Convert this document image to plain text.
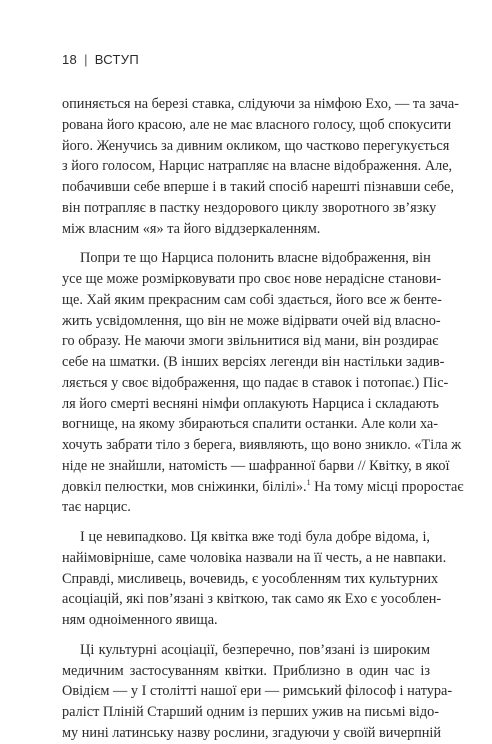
18 | ВСТУП
опиняється на березі ставка, слідуючи за німфою Ехо, — та зача-
рована його красою, але не має власного голосу, щоб спокусити
його. Женучись за дивним окликом, що частково перегукується
з його голосом, Нарцис натрапляє на власне відображення. Але,
побачивши себе вперше і в такий спосіб нарешті пізнавши себе,
він потрапляє в пастку нездорового циклу зворотного зв’язку
між власним «я» та його віддзеркаленням.
Попри те що Нарциса полонить власне відображення, він
усе ще може розмірковувати про своє нове нерадісне станови-
ще. Хай яким прекрасним сам собі здається, його все ж бенте-
жить усвідомлення, що він не може відірвати очей від власно-
го образу. Не маючи змоги звільнитися від мани, він роздирає
себе на шматки. (В інших версіях легенди він настільки задив-
ляється у своє відображення, що падає в ставок і потопає.) Піс-
ля його смерті весняні німфи оплакують Нарциса і складають
вогнище, на якому збираються спалити останки. Але коли ха-
хочуть забрати тіло з берега, виявляють, що воно зникло. «Тіла ж
ніде не знайшли, натомість — шафранної барви // Квітку, в якої
довкіл пелюстки, мов сніжинки, білілі».$^1$ На тому місці проростає
тає нарцис.
І це невипадково. Ця квітка вже тоді була добре відома, і,
найімовірніше, саме чоловіка назвали на її честь, а не навпаки.
Справді, мисливець, вочевидь, є уособленням тих культурних
асоціацій, які пов’язані з квіткою, так само як Ехо є уособлен-
ням одноіменного явища.
Ці культурні асоціації, безперечно, пов’язані із широким
медичним застосуванням квітки. Приблизно в один час із
Овідієм — у I столітті нашої ери — римський філософ і натура-
раліст Пліній Старший одним із перших ужив на письмі відо-
му нині латинську назву рослини, згадуючи у своїй вичерпній
